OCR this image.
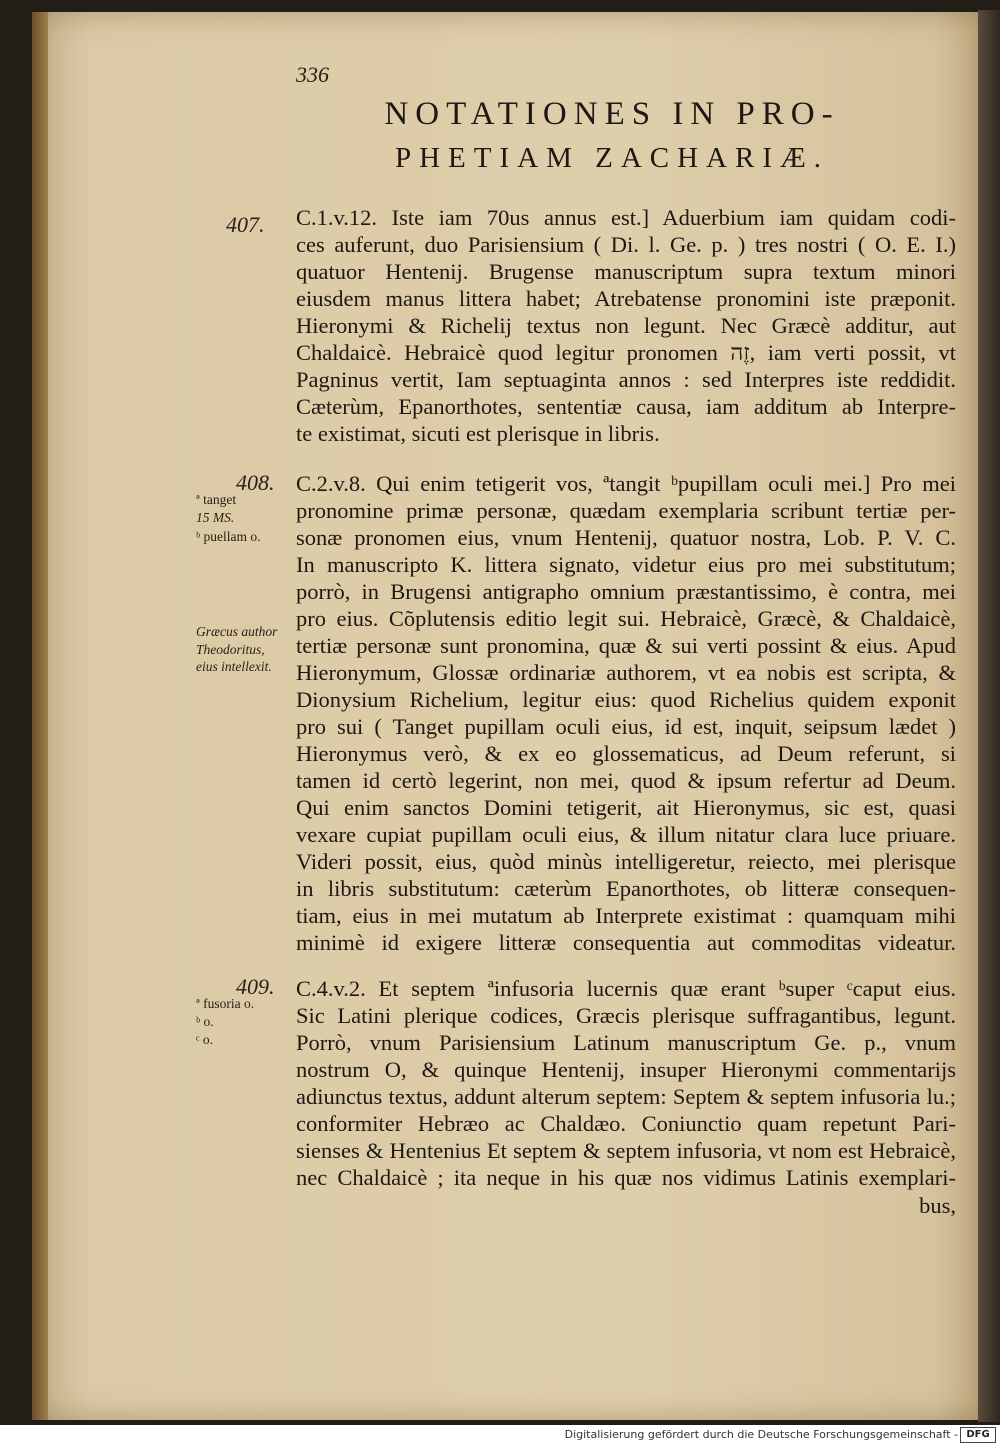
336
NOTATIONES IN PRO-
PHETIAM ZACHARIÆ.
407. C.1.v.12. Iste iam 70us annus est.] Aduerbium iam quidam codi-
ces auferunt, duo Parisiensium ( Di. l. Ge. p. ) tres nostri ( O. E. I.)
quatuor Hentenij. Brugense manuscriptum supra textum minori
eiusdem manus littera habet; Atrebatense pronomini iste præponit.
Hieronymi & Richelij textus non legunt. Nec Græcè additur, aut
Chaldaicè. Hebraicè quod legitur pronomen זֶה, iam verti possit, vt
Pagninus vertit, Iam septuaginta annos : sed Interpres iste reddidit.
Cæterùm, Epanorthotes, sententiæ causa, iam additum ab Interpre-
te existimat, sicuti est plerisque in libris.
408.
ª tanget
15 MS.
ᵇ puellam o.
Græcus author
Theodoritus,
eius intellexit.
C.2.v.8. Qui enim tetigerit vos, ªtangit ᵇpupillam oculi mei.] Pro mei
pronomine primæ personæ, quædam exemplaria scribunt tertiæ per-
sonæ pronomen eius, vnum Hentenij, quatuor nostra, Lob. P. V. C.
In manuscripto K. littera signato, videtur eius pro mei substitutum;
porrò, in Brugensi antigrapho omnium præstantissimo, è contra, mei
pro eius. Cõplutensis editio legit sui. Hebraicè, Græcè, & Chaldaicè,
tertiæ personæ sunt pronomina, quæ & sui verti possint & eius. Apud
Hieronymum, Glossæ ordinariæ authorem, vt ea nobis est scripta, &
Dionysium Richelium, legitur eius: quod Richelius quidem exponit
pro sui ( Tanget pupillam oculi eius, id est, inquit, seipsum lædet )
Hieronymus verò, & ex eo glossematicus, ad Deum referunt, si
tamen id certò legerint, non mei, quod & ipsum refertur ad Deum.
Qui enim sanctos Domini tetigerit, ait Hieronymus, sic est, quasi
vexare cupiat pupillam oculi eius, & illum nitatur clara luce priuare.
Videri possit, eius, quòd minùs intelligeretur, reiecto, mei plerisque
in libris substitutum: cæterùm Epanorthotes, ob litteræ consequen-
tiam, eius in mei mutatum ab Interprete existimat : quamquam mihi
minimè id exigere litteræ consequentia aut commoditas videatur.
409.
ª fusoria o.
ᵇ o.
ᶜ o.
C.4.v.2. Et septem ªinfusoria lucernis quæ erant ᵇsuper ᶜcaput eius.
Sic Latini plerique codices, Græcis plerisque suffragantibus, legunt.
Porrò, vnum Parisiensium Latinum manuscriptum Ge. p., vnum
nostrum O, & quinque Hentenij, insuper Hieronymi commentarijs
adiunctus textus, addunt alterum septem: Septem & septem infusoria lu.;
conformiter Hebræo ac Chaldæo. Coniunctio quam repetunt Pari-
sienses & Hentenius Et septem & septem infusoria, vt nom est Hebraicè,
nec Chaldaicè ; ita neque in his quæ nos vidimus Latinis exemplari-
bus,
Digitalisierung gefördert durch die Deutsche Forschungsgemeinschaft - DFG
